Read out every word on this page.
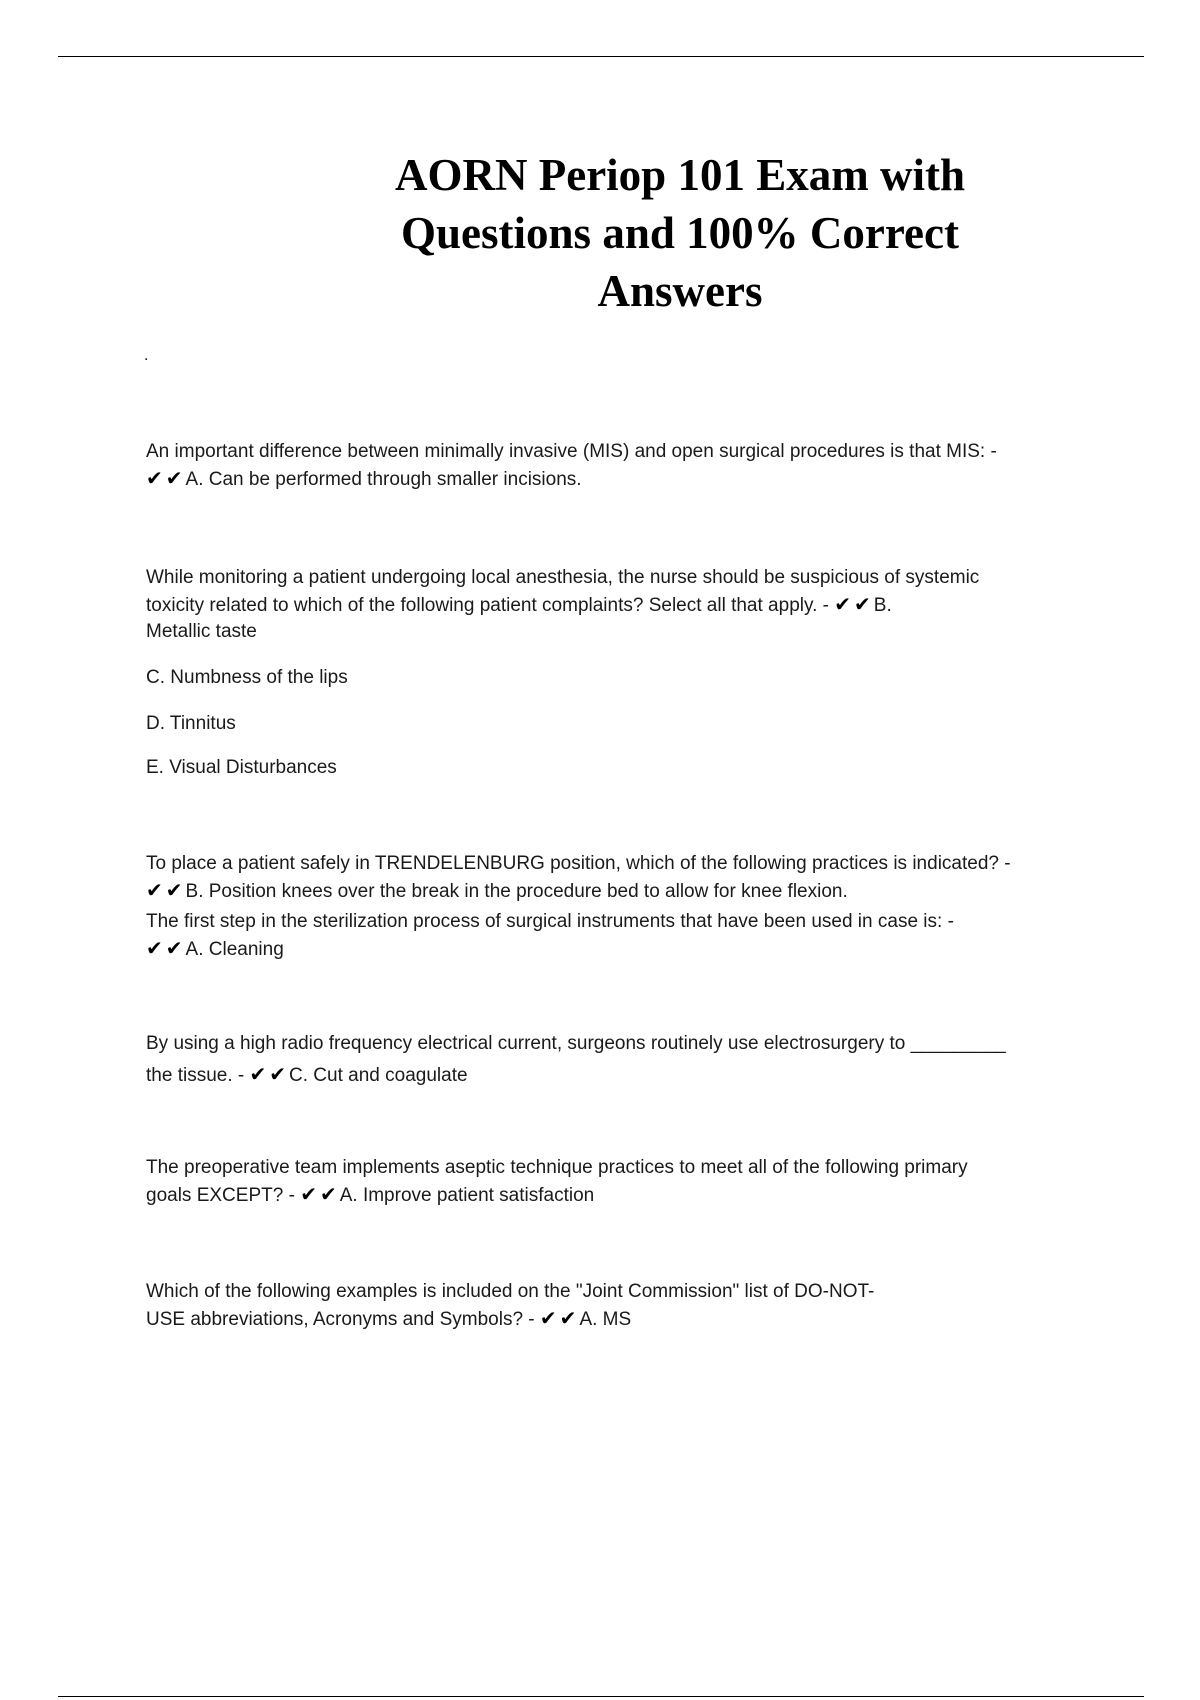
AORN Periop 101 Exam with
Questions and 100% Correct
Answers
.
An important difference between minimally invasive (MIS) and open surgical procedures is that MIS: -
✔ ✔ A. Can be performed through smaller incisions.
While monitoring a patient undergoing local anesthesia, the nurse should be suspicious of systemic
toxicity related to which of the following patient complaints? Select all that apply. - ✔ ✔ B.
Metallic taste
C. Numbness of the lips
D. Tinnitus
E. Visual Disturbances
To place a patient safely in TRENDELENBURG position, which of the following practices is indicated? -
✔ ✔ B. Position knees over the break in the procedure bed to allow for knee flexion.
The first step in the sterilization process of surgical instruments that have been used in case is: -
✔ ✔ A. Cleaning
By using a high radio frequency electrical current, surgeons routinely use electrosurgery to _________
the tissue. - ✔ ✔ C. Cut and coagulate
The preoperative team implements aseptic technique practices to meet all of the following primary
goals EXCEPT? - ✔ ✔ A. Improve patient satisfaction
Which of the following examples is included on the "Joint Commission" list of DO-NOT-
USE abbreviations, Acronyms and Symbols? - ✔ ✔ A. MS
